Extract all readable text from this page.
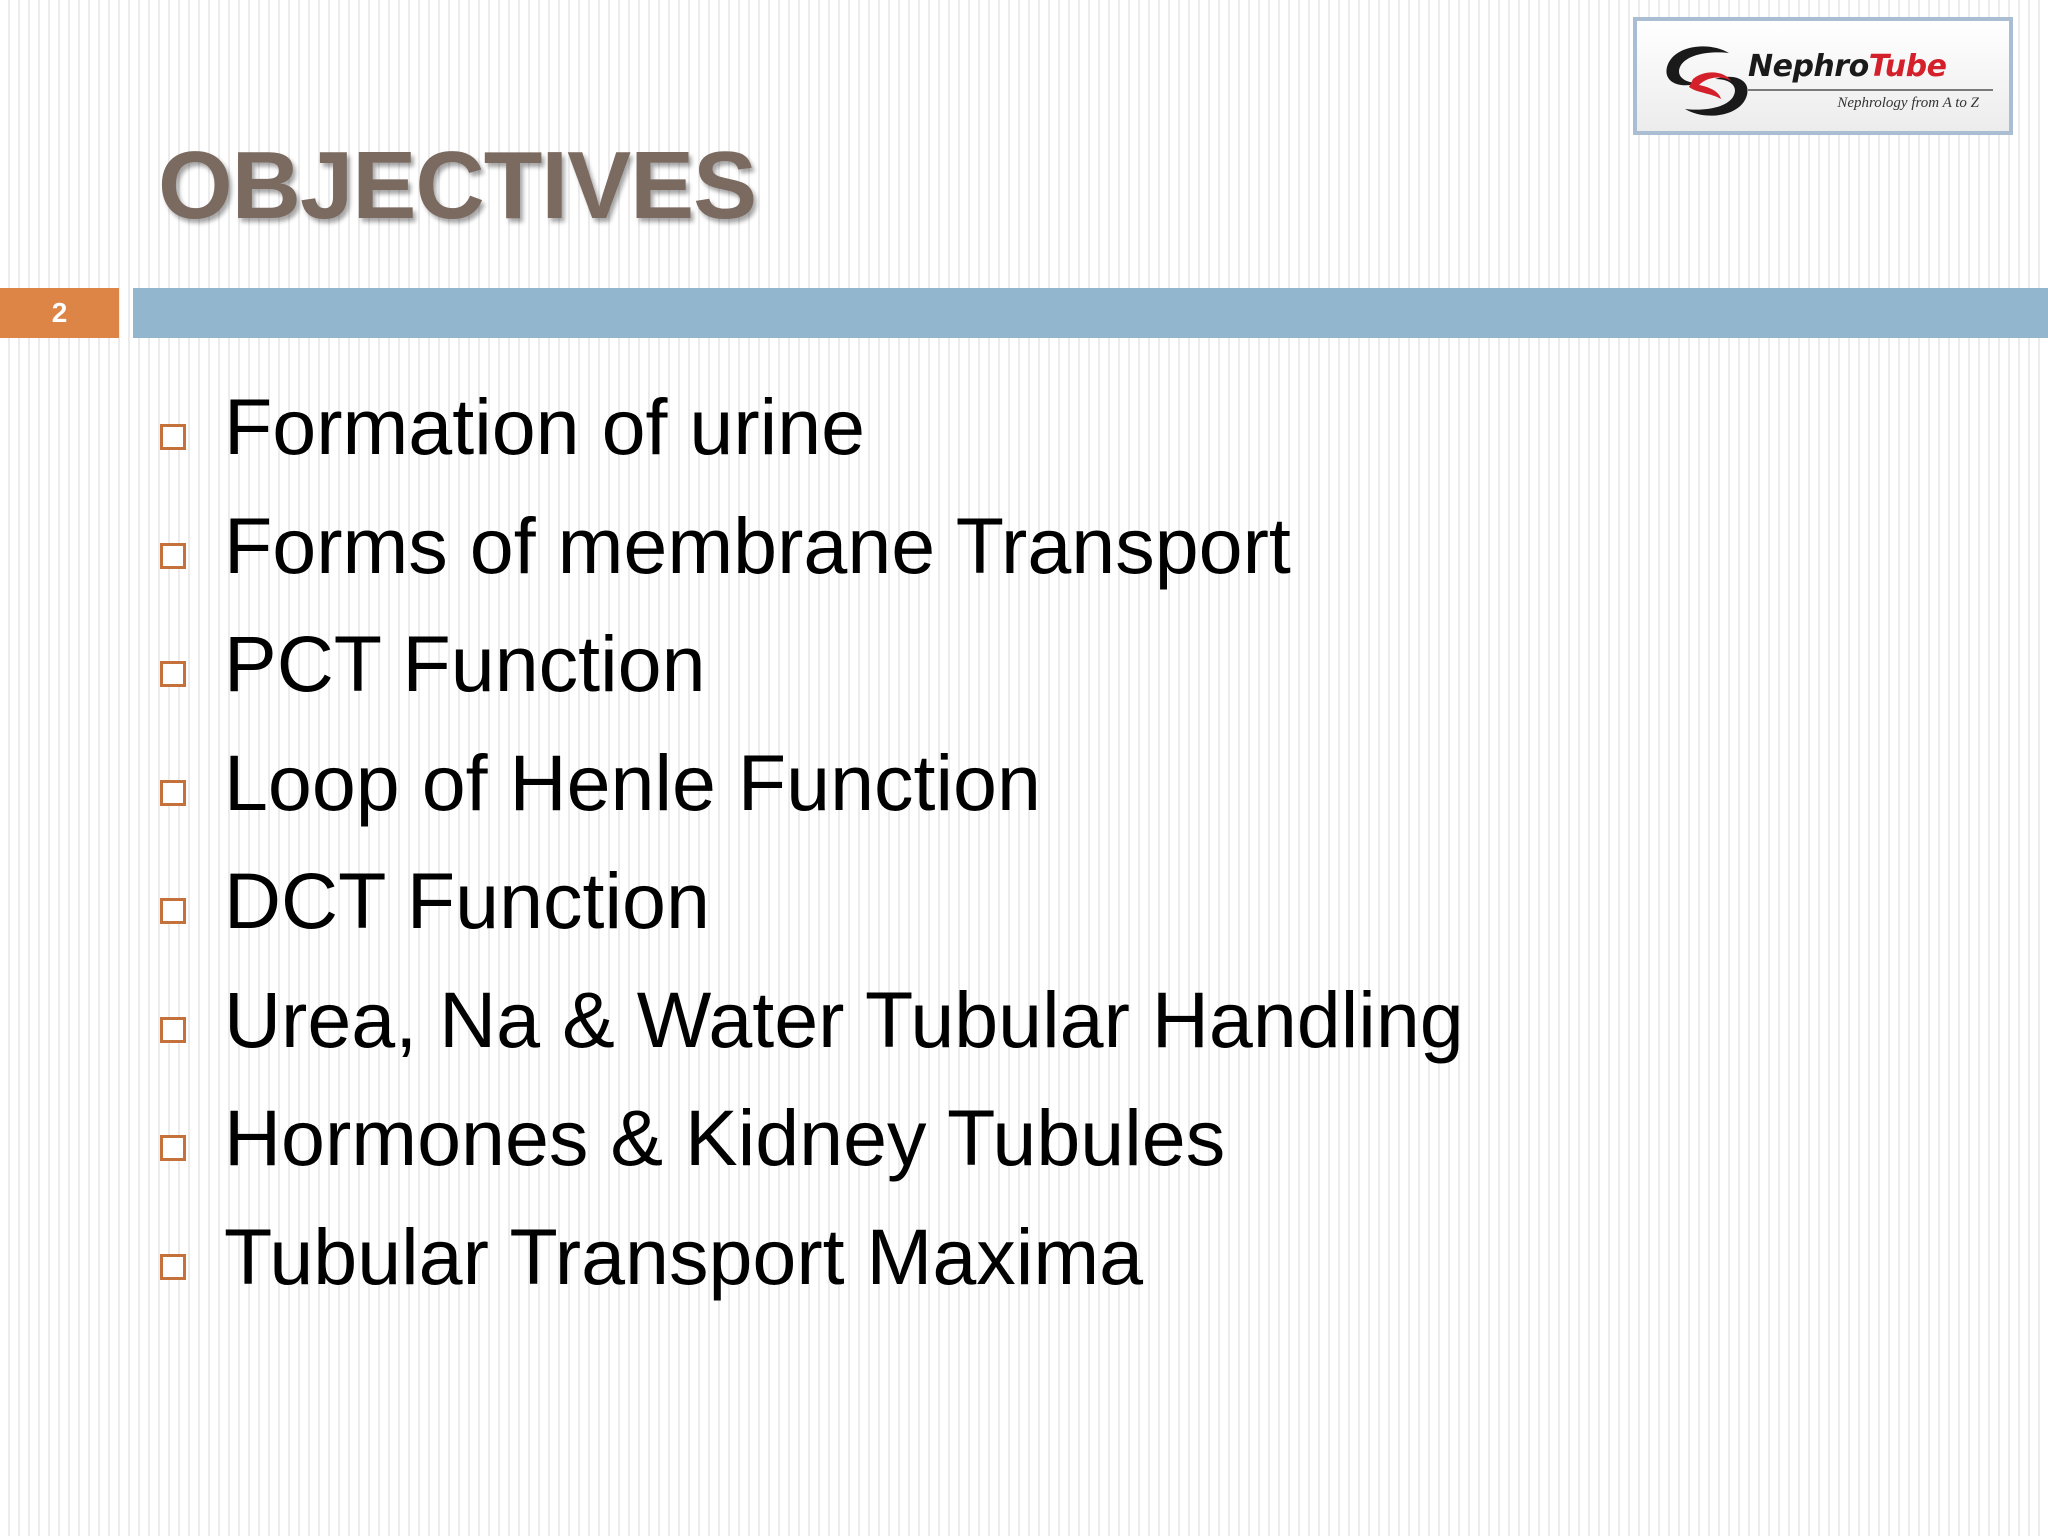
NephroTube
Nephrology from A to Z
OBJECTIVES
2
Formation of urine
Forms of membrane Transport
PCT Function
Loop of Henle Function
DCT Function
Urea, Na & Water Tubular Handling
Hormones & Kidney Tubules
Tubular Transport Maxima
